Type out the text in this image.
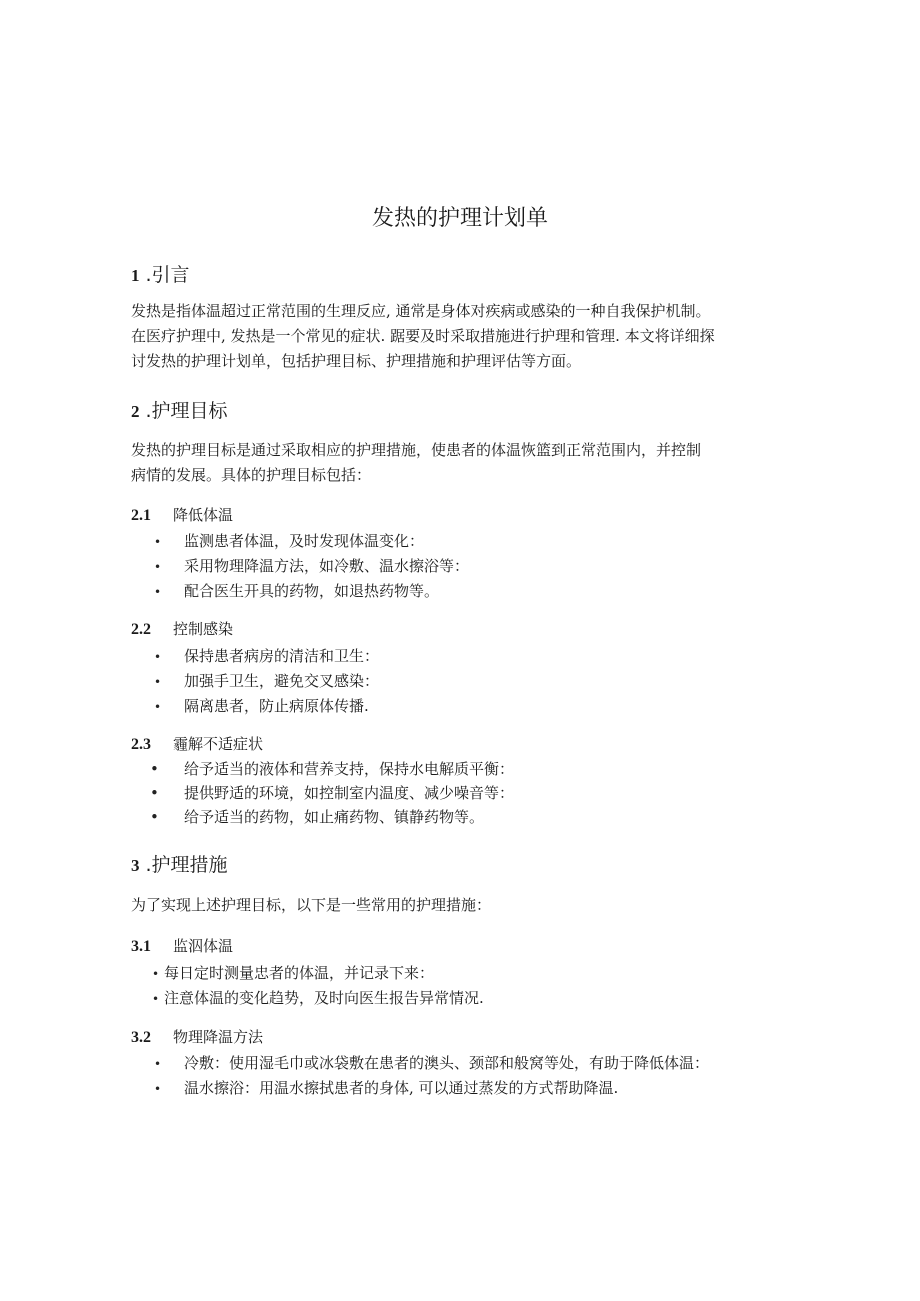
发热的护理计划单
1 .引言
发热是指体温超过正常范围的生理反应, 通常是身体对疾病或感染的一种自我保护机制。
在医疗护理中, 发热是一个常见的症状. 踞要及时采取措施进行护理和管理. 本文将详细探
讨发热的护理计划单，包括护理目标、护理措施和护理评估等方面。
2 .护理目标
发热的护理目标是通过采取相应的护理措施，使患者的体温恢篮到正常范围内，并控制
病情的发展。具体的护理目标包括：
2.1 降低体温
• 监测患者体温，及时发现体温变化：
• 采用物理降温方法，如冷敷、温水擦浴等：
• 配合医生开具的药物，如退热药物等。
2.2 控制感染
• 保持患者病房的清洁和卫生：
• 加强手卫生，避免交叉感染：
• 隔离患者，防止病原体传播.
2.3 霾解不适症状
• 给予适当的液体和营养支持，保持水电解质平衡：
• 提供野适的环境，如控制室内温度、减少噪音等：
• 给予适当的药物，如止痛药物、镇静药物等。
3 .护理措施
为了实现上述护理目标，以下是一些常用的护理措施：
3.1 监泅体温
• 每日定时测量忠者的体温，并记录下来：
• 注意体温的变化趋势，及时向医生报告异常情况.
3.2 物理降温方法
• 冷敷：使用湿毛巾或冰袋敷在患者的澳头、颈部和般窝等处，有助于降低体温：
• 温水擦浴：用温水擦拭患者的身体, 可以通过蒸发的方式帮助降温.
